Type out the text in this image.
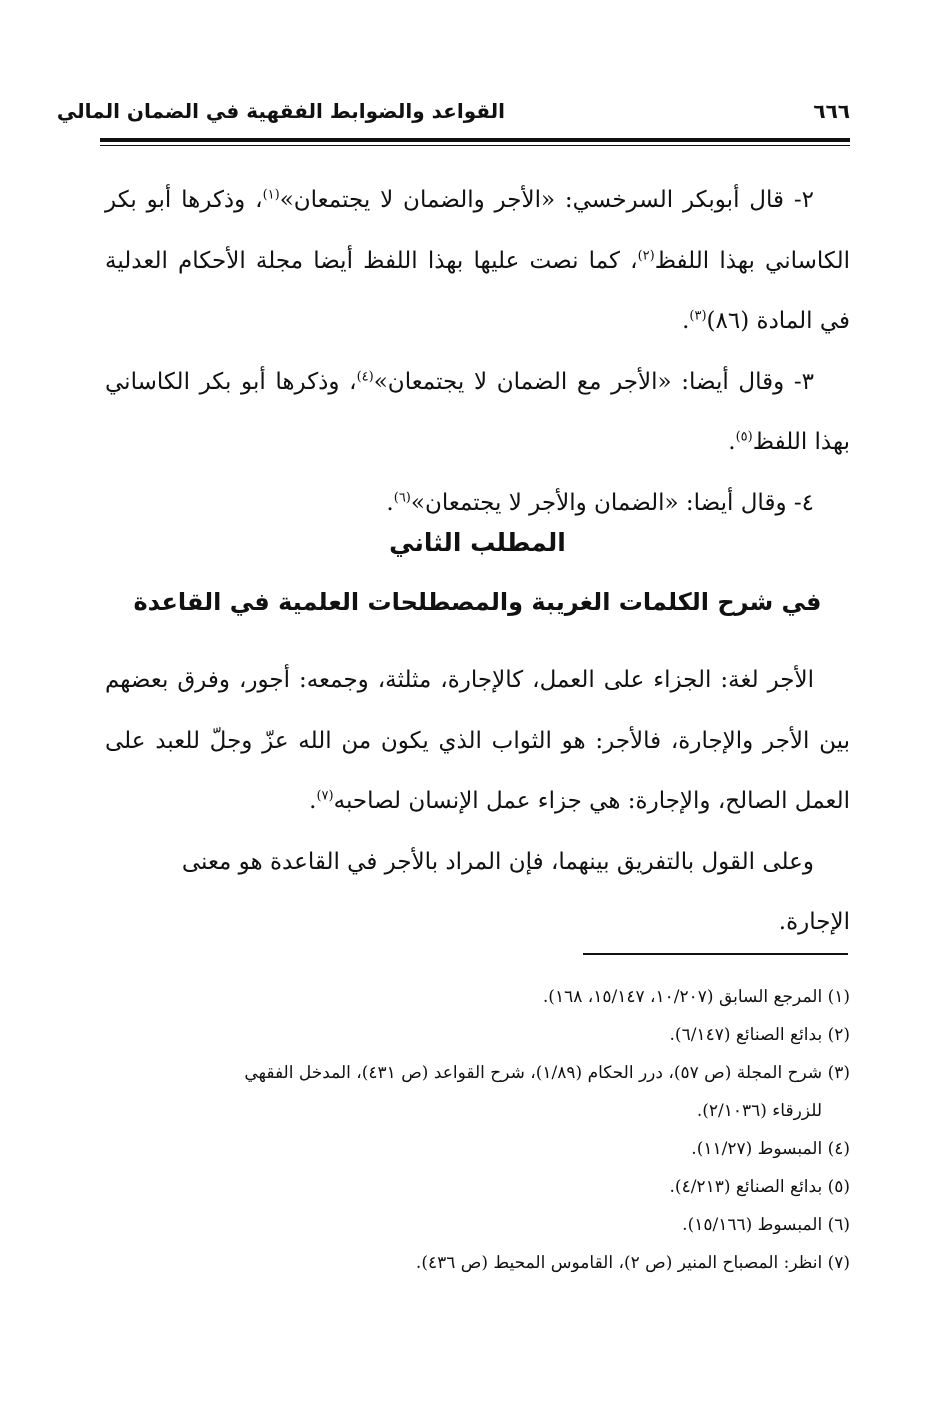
٦٦٦
القواعد والضوابط الفقهية في الضمان المالي

٢- قال أبوبكر السرخسي: «الأجر والضمان لا يجتمعان»$^{(١)}$، وذكرها أبو بكر الكاساني بهذا اللفظ$^{(٢)}$، كما نصت عليها بهذا اللفظ أيضا مجلة الأحكام العدلية في المادة (٨٦)$^{(٣)}$.

٣- وقال أيضا: «الأجر مع الضمان لا يجتمعان»$^{(٤)}$، وذكرها أبو بكر الكاساني بهذا اللفظ$^{(٥)}$.

٤- وقال أيضا: «الضمان والأجر لا يجتمعان»$^{(٦)}$.

المطلب الثاني
في شرح الكلمات الغريبة والمصطلحات العلمية في القاعدة

الأجر لغة: الجزاء على العمل، كالإجارة، مثلثة، وجمعه: أجور، وفرق بعضهم بين الأجر والإجارة، فالأجر: هو الثواب الذي يكون من الله عزّ وجلّ للعبد على العمل الصالح، والإجارة: هي جزاء عمل الإنسان لصاحبه$^{(٧)}$.

وعلى القول بالتفريق بينهما، فإن المراد بالأجر في القاعدة هو معنى الإجارة.

(١) المرجع السابق (١٠/٢٠٧، ١٥/١٤٧، ١٦٨).

(٢) بدائع الصنائع (٦/١٤٧).

(٣) شرح المجلة (ص ٥٧)، درر الحكام (١/٨٩)، شرح القواعد (ص ٤٣١)، المدخل الفقهي

للزرقاء (٢/١٠٣٦).

(٤) المبسوط (١١/٢٧).

(٥) بدائع الصنائع (٤/٢١٣).

(٦) المبسوط (١٥/١٦٦).

(٧) انظر: المصباح المنير (ص ٢)، القاموس المحيط (ص ٤٣٦).
